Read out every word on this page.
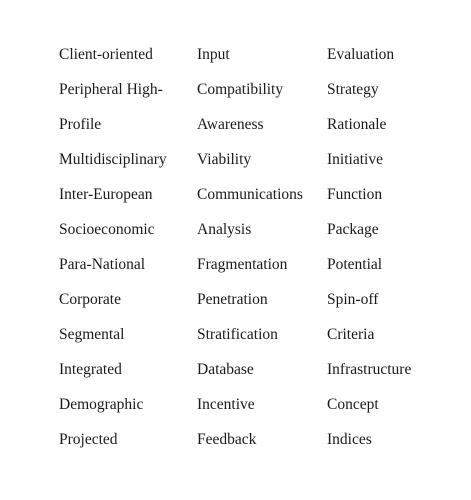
Client-oriented	Input	Evaluation
Peripheral High-	Compatibility	Strategy
Profile	Awareness	Rationale
Multidisciplinary	Viability	Initiative
Inter-European	Communications	Function
Socioeconomic	Analysis	Package
Para-National	Fragmentation	Potential
Corporate	Penetration	Spin-off
Segmental	Stratification	Criteria
Integrated	Database	Infrastructure
Demographic	Incentive	Concept
Projected	Feedback	Indices
